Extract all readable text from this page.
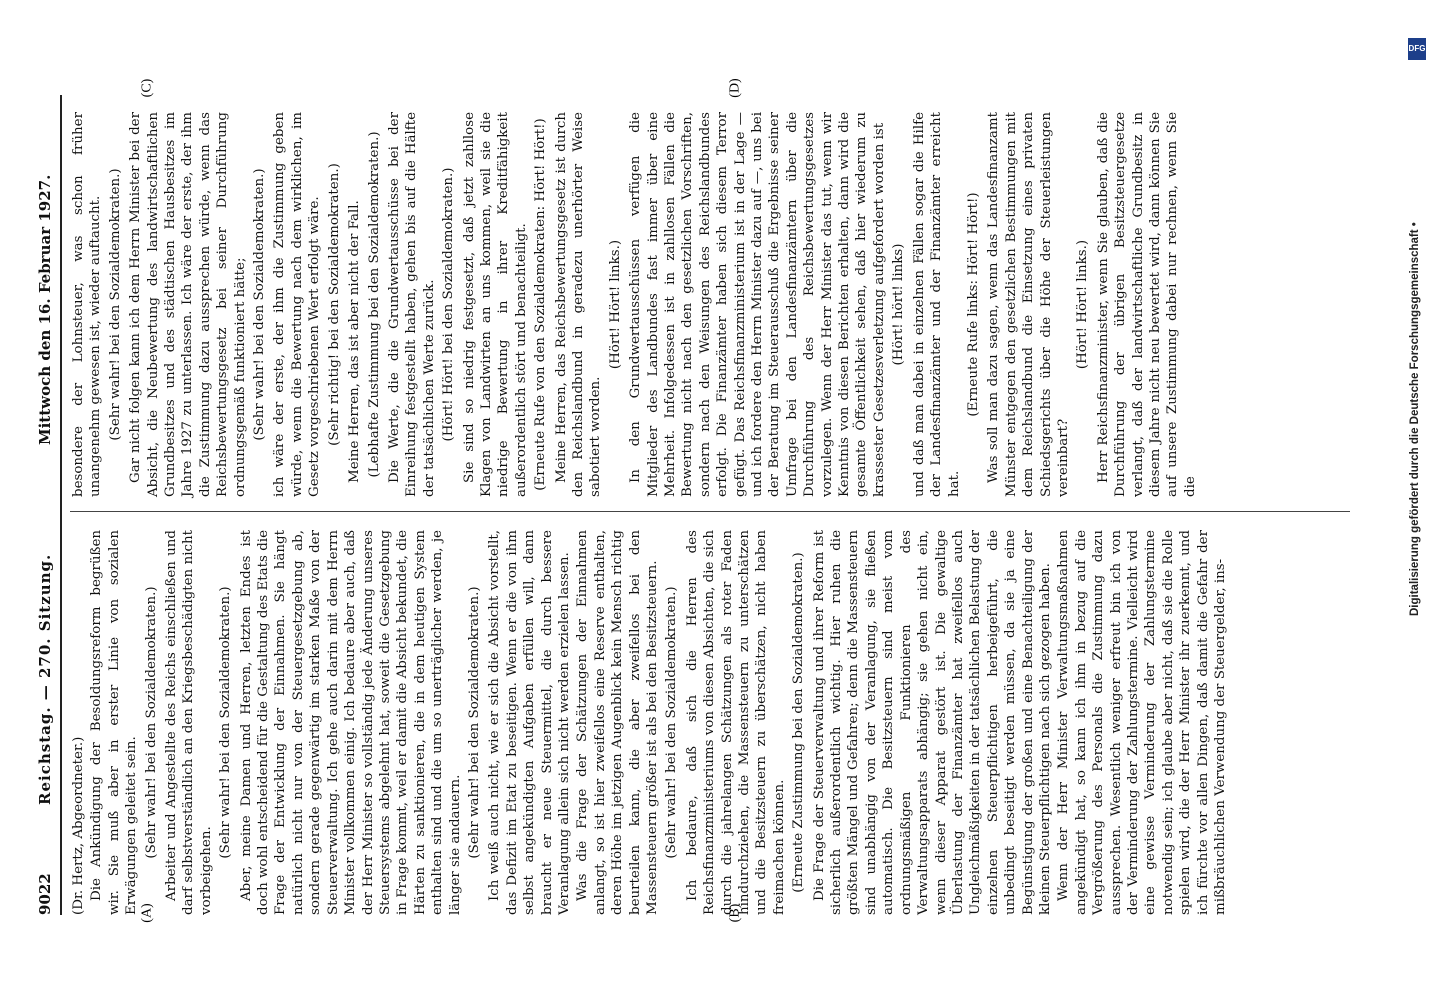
9022
Reichstag. — 270. Sitzung.
Mittwoch den 16. Februar 1927.

(Dr. Hertz, Abgeordneter.) Die Ankündigung der Besoldungsreform begrüßen wir. Sie muß aber in erster Linie von sozialen Erwägungen geleitet sein. (Sehr wahr! bei den Sozialdemokraten.) Arbeiter und Angestellte des Reichs einschließen und darf selbstverständlich an den Kriegsbeschädigten nicht vorbeigehen.

(Sehr wahr! bei den Sozialdemokraten.) Aber, meine Damen und Herren, letzten Endes ist doch wohl entscheidend für die Gestaltung des Etats die Frage der Entwicklung der Einnahmen. Sie hängt natürlich nicht nur von der Steuergesetzgebung ab, sondern gerade gegenwärtig im starken Maße von der Steuerverwaltung. Ich gehe auch darin mit dem Herrn Minister vollkommen einig. Ich bedaure aber auch, daß der Herr Minister so vollständig jede Änderung unseres Steuersystems abgelehnt hat, soweit die Gesetzgebung in Frage kommt, weil er damit die Absicht bekundet, die Härten zu sanktionieren, die in dem heutigen System enthalten sind und die um so unerträglicher werden, je länger sie andauern. (Sehr wahr! bei den Sozialdemokraten.) Ich weiß auch nicht, wie er sich die Absicht vorstellt, das Defizit im Etat zu beseitigen. Wenn er die von ihm selbst angekündigten Aufgaben erfüllen will, dann braucht er neue Steuermittel, die durch bessere Veranlagung allein sich nicht werden erzielen lassen. Was die Frage der Schätzungen der Einnahmen anlangt, so ist hier zweifellos eine Reserve enthalten, deren Höhe im jetzigen Augenblick kein Mensch richtig beurteilen kann, die aber zweifellos bei den Massensteuern größer ist als bei den Besitzsteuern. (Sehr wahr! bei den Sozialdemokraten.) Ich bedaure, daß sich die Herren des Reichsfinanzministeriums von diesen Absichten, die sich durch die jahrelangen Schätzungen als roter Faden hindurchziehen, die Massensteuern zu unterschätzen und die Besitzsteuern zu überschätzen, nicht haben freimachen können. (Erneute Zustimmung bei den Sozialdemokraten.) Die Frage der Steuerverwaltung und ihrer Reform ist sicherlich außerordentlich wichtig. Hier ruhen die größten Mängel und Gefahren; denn die Massensteuern sind unabhängig von der Veranlagung, sie fließen automatisch. Die Besitzsteuern sind meist vom ordnungsmäßigen Funktionieren des Verwaltungsapparats abhängig; sie gehen nicht ein, wenn dieser Apparat gestört ist. Die gewaltige Überlastung der Finanzämter hat zweifellos auch Ungleichmäßigkeiten in der tatsächlichen Belastung der einzelnen Steuerpflichtigen herbeigeführt, die unbedingt beseitigt werden müssen, da sie ja eine Begünstigung der großen und eine Benachteiligung der kleinen Steuerpflichtigen nach sich gezogen haben. Wenn der Herr Minister Verwaltungsmaßnahmen angekündigt hat, so kann ich ihm in bezug auf die Vergrößerung des Personals die Zustimmung dazu aussprechen. Wesentlich weniger erfreut bin ich von der Verminderung der Zahlungstermine. Vielleicht wird eine gewisse Verminderung der Zahlungstermine notwendig sein; ich glaube aber nicht, daß sie die Rolle spielen wird, die der Herr Minister ihr zuerkennt, und ich fürchte vor allen Dingen, daß damit die Gefahr der mißbräuchlichen Verwendung der Steuergelder, ins-

besondere der Lohnsteuer, was schon früher unangenehm gewesen ist, wieder auftaucht. (Sehr wahr! bei den Sozialdemokraten.) Gar nicht folgen kann ich dem Herrn Minister bei der Absicht, die Neubewertung des landwirtschaftlichen Grundbesitzes und des städtischen Hausbesitzes im Jahre 1927 zu unterlassen. Ich wäre der erste, der ihm die Zustimmung dazu aussprechen würde, wenn das Reichsbewertungsgesetz bei seiner Durchführung ordnungsgemäß funktioniert hätte; (Sehr wahr! bei den Sozialdemokraten.) ich wäre der erste, der ihm die Zustimmung geben würde, wenn die Bewertung nach dem wirklichen, im Gesetz vorgeschriebenen Wert erfolgt wäre. (Sehr richtig! bei den Sozialdemokraten.) Meine Herren, das ist aber nicht der Fall. (Lebhafte Zustimmung bei den Sozialdemokraten.) Die Werte, die die Grundwertausschüsse bei der Einreihung festgestellt haben, gehen bis auf die Hälfte der tatsächlichen Werte zurück. (Hört! Hört! bei den Sozialdemokraten.) Sie sind so niedrig festgesetzt, daß jetzt zahllose Klagen von Landwirten an uns kommen, weil sie die niedrige Bewertung in ihrer Kreditfähigkeit außerordentlich stört und benachteiligt. (Erneute Rufe von den Sozialdemokraten: Hört! Hört!) Meine Herren, das Reichsbewertungsgesetz ist durch den Reichslandbund in geradezu unerhörter Weise sabotiert worden.

(Hört! Hört! links.) In den Grundwertausschüssen verfügen die Mitglieder des Landbundes fast immer über eine Mehrheit. Infolgedessen ist in zahllosen Fällen die Bewertung nicht nach den gesetzlichen Vorschriften, sondern nach den Weisungen des Reichslandbundes erfolgt. Die Finanzämter haben sich diesem Terror gefügt. Das Reichsfinanzministerium ist in der Lage — und ich fordere den Herrn Minister dazu auf —, uns bei der Beratung im Steuerausschuß die Ergebnisse seiner Umfrage bei den Landesfinanzämtern über die Durchführung des Reichsbewertungsgesetzes vorzulegen. Wenn der Herr Minister das tut, wenn wir Kenntnis von diesen Berichten erhalten, dann wird die gesamte Öffentlichkeit sehen, daß hier wiederum zu krassester Gesetzesverletzung aufgefordert worden ist (Hört! hört! links) und daß man dabei in einzelnen Fällen sogar die Hilfe der Landesfinanzämter und der Finanzämter erreicht hat.

(Erneute Rufe links: Hört! Hört!) Was soll man dazu sagen, wenn das Landesfinanzamt Münster entgegen den gesetzlichen Bestimmungen mit dem Reichslandbund die Einsetzung eines privaten Schiedsgerichts über die Höhe der Steuerleistungen vereinbart?

(Hört! Hört! links.) Herr Reichsfinanzminister, wenn Sie glauben, daß die Durchführung der übrigen Besitzsteuergesetze verlangt, daß der landwirtschaftliche Grundbesitz in diesem Jahre nicht neu bewertet wird, dann können Sie auf unsere Zustimmung dabei nur rechnen, wenn Sie die

(A)	(B)
(C)	(D)
DFG
Digitalisierung gefördert durch die Deutsche Forschungsgemeinschaft •
